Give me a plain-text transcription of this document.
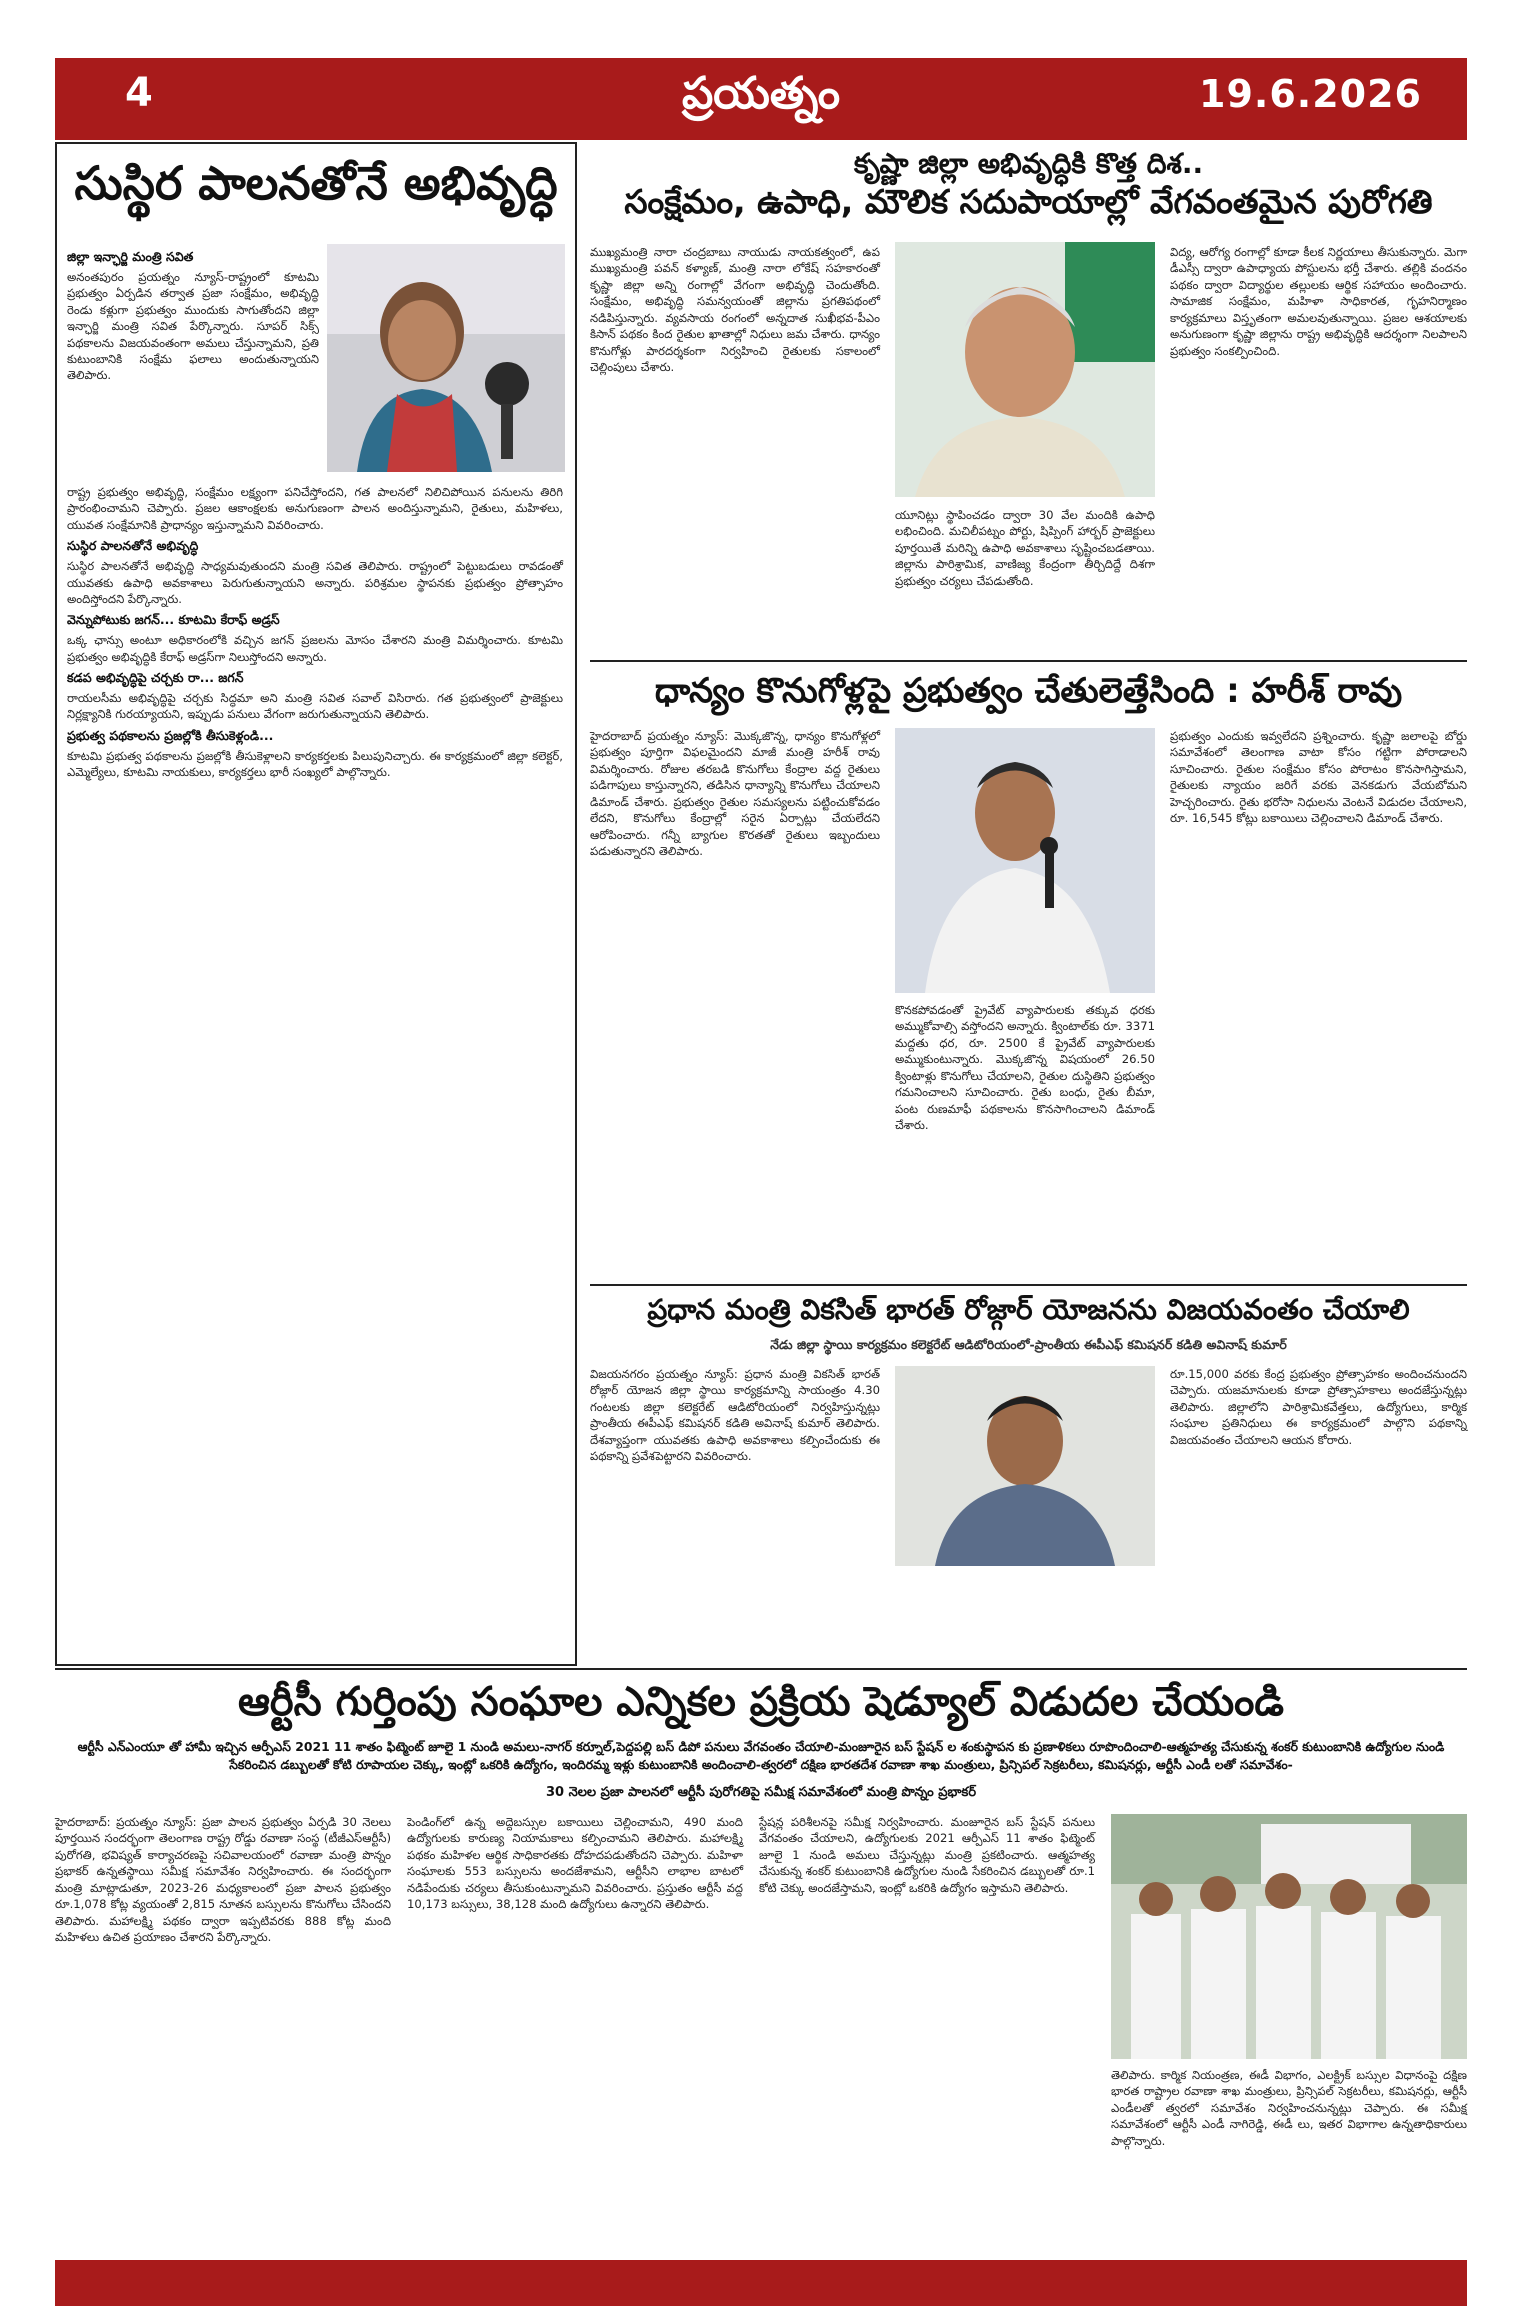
4	ప్రయత్నం	19.6.2026
సుస్థిర పాలనతోనే అభివృద్ధి
జిల్లా ఇన్ఛార్జి మంత్రి సవిత

అనంతపురం ప్రయత్నం న్యూస్-రాష్ట్రంలో కూటమి ప్రభుత్వం ఏర్పడిన తర్వాత ప్రజా సంక్షేమం, అభివృద్ధి రెండు కళ్లుగా ప్రభుత్వం ముందుకు సాగుతోందని జిల్లా ఇన్ఛార్జి మంత్రి సవిత పేర్కొన్నారు. సూపర్ సిక్స్ పథకాలను విజయవంతంగా అమలు చేస్తున్నామని, ప్రతి కుటుంబానికి సంక్షేమ ఫలాలు అందుతున్నాయని తెలిపారు.

రాష్ట్ర ప్రభుత్వం అభివృద్ధి, సంక్షేమం లక్ష్యంగా పనిచేస్తోందని, గత పాలనలో నిలిచిపోయిన పనులను తిరిగి ప్రారంభించామని చెప్పారు. ప్రజల ఆకాంక్షలకు అనుగుణంగా పాలన అందిస్తున్నామని, రైతులు, మహిళలు, యువత సంక్షేమానికి ప్రాధాన్యం ఇస్తున్నామని వివరించారు.

సుస్థిర పాలనతోనే అభివృద్ధి

సుస్థిర పాలనతోనే అభివృద్ధి సాధ్యమవుతుందని మంత్రి సవిత తెలిపారు. రాష్ట్రంలో పెట్టుబడులు రావడంతో యువతకు ఉపాధి అవకాశాలు పెరుగుతున్నాయని అన్నారు. పరిశ్రమల స్థాపనకు ప్రభుత్వం ప్రోత్సాహం అందిస్తోందని పేర్కొన్నారు.

వెన్నుపోటుకు జగన్... కూటమి కేరాఫ్ అడ్రస్

ఒక్క ఛాన్సు అంటూ అధికారంలోకి వచ్చిన జగన్ ప్రజలను మోసం చేశారని మంత్రి విమర్శించారు. కూటమి ప్రభుత్వం అభివృద్ధికి కేరాఫ్ అడ్రస్‌గా నిలుస్తోందని అన్నారు.

కడప అభివృద్ధిపై చర్చకు రా... జగన్

రాయలసీమ అభివృద్ధిపై చర్చకు సిద్ధమా అని మంత్రి సవిత సవాల్ విసిరారు. గత ప్రభుత్వంలో ప్రాజెక్టులు నిర్లక్ష్యానికి గురయ్యాయని, ఇప్పుడు పనులు వేగంగా జరుగుతున్నాయని తెలిపారు.

ప్రభుత్వ పథకాలను ప్రజల్లోకి తీసుకెళ్లండి...

కూటమి ప్రభుత్వ పథకాలను ప్రజల్లోకి తీసుకెళ్లాలని కార్యకర్తలకు పిలుపునిచ్చారు. ఈ కార్యక్రమంలో జిల్లా కలెక్టర్, ఎమ్మెల్యేలు, కూటమి నాయకులు, కార్యకర్తలు భారీ సంఖ్యలో పాల్గొన్నారు.

కృష్ణా జిల్లా అభివృద్ధికి కొత్త దిశ..
సంక్షేమం, ఉపాధి, మౌలిక సదుపాయాల్లో వేగవంతమైన పురోగతి
ముఖ్యమంత్రి నారా చంద్రబాబు నాయుడు నాయకత్వంలో, ఉప ముఖ్యమంత్రి పవన్ కళ్యాణ్, మంత్రి నారా లోకేష్ సహకారంతో కృష్ణా జిల్లా అన్ని రంగాల్లో వేగంగా అభివృద్ధి చెందుతోంది. సంక్షేమం, అభివృద్ధి సమన్వయంతో జిల్లాను ప్రగతిపథంలో నడిపిస్తున్నారు. వ్యవసాయ రంగంలో అన్నదాత సుఖీభవ-పీఎం కిసాన్ పథకం కింద రైతుల ఖాతాల్లో నిధులు జమ చేశారు. ధాన్యం కొనుగోళ్లు పారదర్శకంగా నిర్వహించి రైతులకు సకాలంలో చెల్లింపులు చేశారు.
యూనిట్లు స్థాపించడం ద్వారా 30 వేల మందికి ఉపాధి లభించింది. మచిలీపట్నం పోర్టు, షిప్పింగ్ హార్బర్ ప్రాజెక్టులు పూర్తయితే మరిన్ని ఉపాధి అవకాశాలు సృష్టించబడతాయి. జిల్లాను పారిశ్రామిక, వాణిజ్య కేంద్రంగా తీర్చిదిద్దే దిశగా ప్రభుత్వం చర్యలు చేపడుతోంది.
విద్య, ఆరోగ్య రంగాల్లో కూడా కీలక నిర్ణయాలు తీసుకున్నారు. మెగా డీఎస్సీ ద్వారా ఉపాధ్యాయ పోస్టులను భర్తీ చేశారు. తల్లికి వందనం పథకం ద్వారా విద్యార్థుల తల్లులకు ఆర్థిక సహాయం అందించారు. సామాజిక సంక్షేమం, మహిళా సాధికారత, గృహనిర్మాణం కార్యక్రమాలు విస్తృతంగా అమలవుతున్నాయి. ప్రజల ఆశయాలకు అనుగుణంగా కృష్ణా జిల్లాను రాష్ట్ర అభివృద్ధికి ఆదర్శంగా నిలపాలని ప్రభుత్వం సంకల్పించింది.
ధాన్యం కొనుగోళ్లపై ప్రభుత్వం చేతులెత్తేసింది : హరీశ్ రావు
హైదరాబాద్ ప్రయత్నం న్యూస్: మొక్కజొన్న, ధాన్యం కొనుగోళ్లలో ప్రభుత్వం పూర్తిగా విఫలమైందని మాజీ మంత్రి హరీశ్ రావు విమర్శించారు. రోజుల తరబడి కొనుగోలు కేంద్రాల వద్ద రైతులు పడిగాపులు కాస్తున్నారని, తడిసిన ధాన్యాన్ని కొనుగోలు చేయాలని డిమాండ్ చేశారు. ప్రభుత్వం రైతుల సమస్యలను పట్టించుకోవడం లేదని, కొనుగోలు కేంద్రాల్లో సరైన ఏర్పాట్లు చేయలేదని ఆరోపించారు. గన్నీ బ్యాగుల కొరతతో రైతులు ఇబ్బందులు పడుతున్నారని తెలిపారు.
కొనకపోవడంతో ప్రైవేట్ వ్యాపారులకు తక్కువ ధరకు అమ్ముకోవాల్సి వస్తోందని అన్నారు. క్వింటాల్‌కు రూ. 3371 మద్దతు ధర, రూ. 2500 కే ప్రైవేట్ వ్యాపారులకు అమ్ముకుంటున్నారు. మొక్కజొన్న విషయంలో 26.50 క్వింటాళ్లు కొనుగోలు చేయాలని, రైతుల దుస్థితిని ప్రభుత్వం గమనించాలని సూచించారు. రైతు బంధు, రైతు బీమా, పంట రుణమాఫీ పథకాలను కొనసాగించాలని డిమాండ్ చేశారు.
ప్రభుత్వం ఎందుకు ఇవ్వలేదని ప్రశ్నించారు. కృష్ణా జలాలపై బోర్డు సమావేశంలో తెలంగాణ వాటా కోసం గట్టిగా పోరాడాలని సూచించారు. రైతుల సంక్షేమం కోసం పోరాటం కొనసాగిస్తామని, రైతులకు న్యాయం జరిగే వరకు వెనకడుగు వేయబోమని హెచ్చరించారు. రైతు భరోసా నిధులను వెంటనే విడుదల చేయాలని, రూ. 16,545 కోట్లు బకాయిలు చెల్లించాలని డిమాండ్ చేశారు.
ప్రధాన మంత్రి వికసిత్ భారత్ రోజ్గార్ యోజనను విజయవంతం చేయాలి
నేడు జిల్లా స్థాయి కార్యక్రమం కలెక్టరేట్ ఆడిటోరియంలో-ప్రాంతీయ ఈపీఎఫ్ కమిషనర్ కడితి అవినాష్ కుమార్
విజయనగరం ప్రయత్నం న్యూస్: ప్రధాన మంత్రి వికసిత్ భారత్ రోజ్గార్ యోజన జిల్లా స్థాయి కార్యక్రమాన్ని సాయంత్రం 4.30 గంటలకు జిల్లా కలెక్టరేట్ ఆడిటోరియంలో నిర్వహిస్తున్నట్లు ప్రాంతీయ ఈపీఎఫ్ కమిషనర్ కడితి అవినాష్ కుమార్ తెలిపారు. దేశవ్యాప్తంగా యువతకు ఉపాధి అవకాశాలు కల్పించేందుకు ఈ పథకాన్ని ప్రవేశపెట్టారని వివరించారు.
రూ.15,000 వరకు కేంద్ర ప్రభుత్వం ప్రోత్సాహకం అందించనుందని చెప్పారు. యజమానులకు కూడా ప్రోత్సాహకాలు అందజేస్తున్నట్లు తెలిపారు. జిల్లాలోని పారిశ్రామికవేత్తలు, ఉద్యోగులు, కార్మిక సంఘాల ప్రతినిధులు ఈ కార్యక్రమంలో పాల్గొని పథకాన్ని విజయవంతం చేయాలని ఆయన కోరారు.
ఆర్టీసీ గుర్తింపు సంఘాల ఎన్నికల ప్రక్రియ షెడ్యూల్ విడుదల చేయండి
ఆర్టీసీ ఎన్ఎంయూ తో హామీ ఇచ్చిన ఆర్పీఎస్ 2021 11 శాతం ఫిట్మెంట్ జూలై 1 నుండి అమలు-నాగర్ కర్నూల్,పెద్దపల్లి బస్ డిపో పనులు వేగవంతం చేయాలి-మంజూరైన బస్ స్టేషన్ ల శంకుస్థాపన కు ప్రణాళికలు రూపొందించాలి-ఆత్మహత్య చేసుకున్న శంకర్ కుటుంబానికి ఉద్యోగుల నుండి సేకరించిన డబ్బులతో కోటి రూపాయల చెక్కు, ఇంట్లో ఒకరికి ఉద్యోగం, ఇందిరమ్మ ఇళ్లు కుటుంబానికి అందించాలి-త్వరలో దక్షిణ భారతదేశ రవాణా శాఖ మంత్రులు, ప్రిన్సిపల్ సెక్రటరీలు, కమిషనర్లు, ఆర్టీసీ ఎండీ లతో సమావేశం-
30 నెలల ప్రజా పాలనలో ఆర్టీసీ పురోగతిపై సమీక్ష సమావేశంలో మంత్రి పొన్నం ప్రభాకర్
హైదరాబాద్: ప్రయత్నం న్యూస్: ప్రజా పాలన ప్రభుత్వం ఏర్పడి 30 నెలలు పూర్తయిన సందర్భంగా తెలంగాణ రాష్ట్ర రోడ్డు రవాణా సంస్థ (టీజీఎస్ఆర్టీసీ) పురోగతి, భవిష్యత్ కార్యాచరణపై సచివాలయంలో రవాణా మంత్రి పొన్నం ప్రభాకర్ ఉన్నతస్థాయి సమీక్ష సమావేశం నిర్వహించారు. ఈ సందర్భంగా మంత్రి మాట్లాడుతూ, 2023-26 మధ్యకాలంలో ప్రజా పాలన ప్రభుత్వం రూ.1,078 కోట్ల వ్యయంతో 2,815 నూతన బస్సులను కొనుగోలు చేసిందని తెలిపారు. మహాలక్ష్మి పథకం ద్వారా ఇప్పటివరకు 888 కోట్ల మంది మహిళలు ఉచిత ప్రయాణం చేశారని పేర్కొన్నారు.
పెండింగ్‌లో ఉన్న అద్దెబస్సుల బకాయిలు చెల్లించామని, 490 మంది ఉద్యోగులకు కారుణ్య నియామకాలు కల్పించామని తెలిపారు. మహాలక్ష్మి పథకం మహిళల ఆర్థిక సాధికారతకు దోహదపడుతోందని చెప్పారు. మహిళా సంఘాలకు 553 బస్సులను అందజేశామని, ఆర్టీసీని లాభాల బాటలో నడిపేందుకు చర్యలు తీసుకుంటున్నామని వివరించారు. ప్రస్తుతం ఆర్టీసీ వద్ద 10,173 బస్సులు, 38,128 మంది ఉద్యోగులు ఉన్నారని తెలిపారు.
స్టేషన్ల పరిశీలనపై సమీక్ష నిర్వహించారు. మంజూరైన బస్ స్టేషన్ పనులు వేగవంతం చేయాలని, ఉద్యోగులకు 2021 ఆర్పీఎస్ 11 శాతం ఫిట్మెంట్ జూలై 1 నుండి అమలు చేస్తున్నట్లు మంత్రి ప్రకటించారు. ఆత్మహత్య చేసుకున్న శంకర్ కుటుంబానికి ఉద్యోగుల నుండి సేకరించిన డబ్బులతో రూ.1 కోటి చెక్కు అందజేస్తామని, ఇంట్లో ఒకరికి ఉద్యోగం ఇస్తామని తెలిపారు.
తెలిపారు. కార్మిక నియంత్రణ, ఈడీ విభాగం, ఎలక్ట్రిక్ బస్సుల విధానంపై దక్షిణ భారత రాష్ట్రాల రవాణా శాఖ మంత్రులు, ప్రిన్సిపల్ సెక్రటరీలు, కమిషనర్లు, ఆర్టీసీ ఎండీలతో త్వరలో సమావేశం నిర్వహించనున్నట్లు చెప్పారు. ఈ సమీక్ష సమావేశంలో ఆర్టీసీ ఎండీ నాగిరెడ్డి, ఈడీ లు, ఇతర విభాగాల ఉన్నతాధికారులు పాల్గొన్నారు.
